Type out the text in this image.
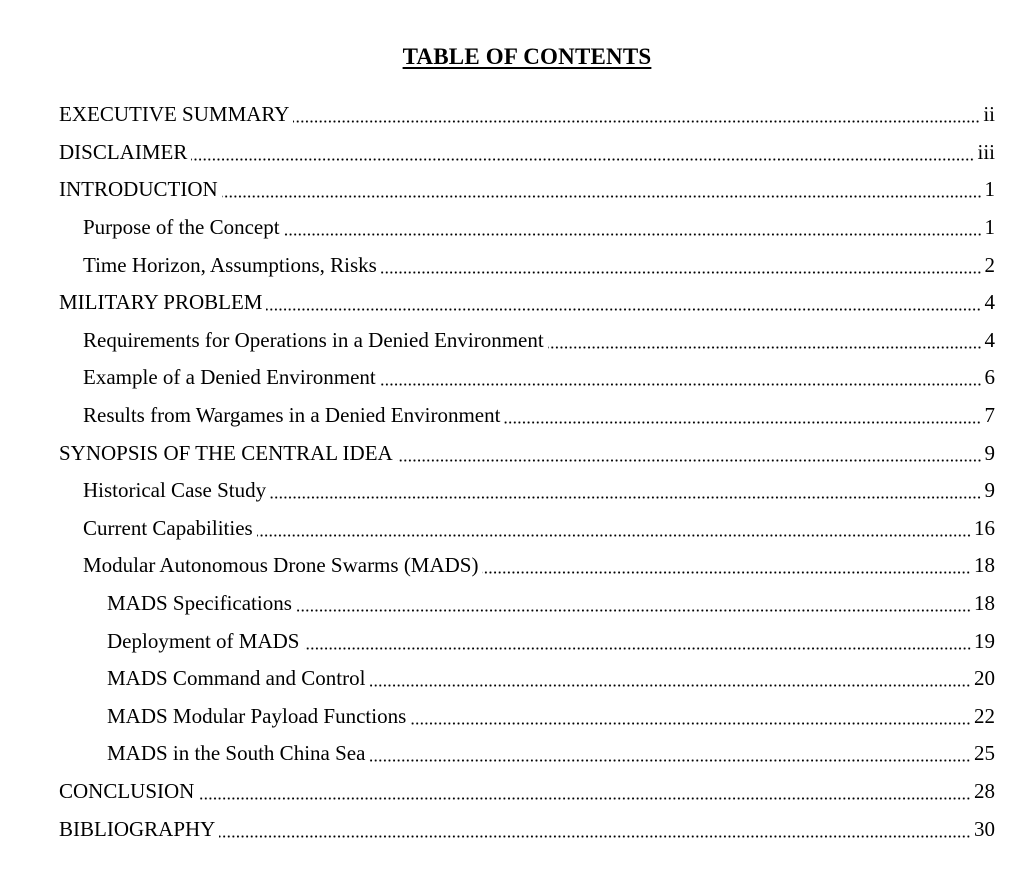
TABLE OF CONTENTS
EXECUTIVE SUMMARY	ii
DISCLAIMER	iii
INTRODUCTION	1
Purpose of the Concept	1
Time Horizon, Assumptions, Risks	2
MILITARY PROBLEM	4
Requirements for Operations in a Denied Environment	4
Example of a Denied Environment	6
Results from Wargames in a Denied Environment	7
SYNOPSIS OF THE CENTRAL IDEA	9
Historical Case Study	9
Current Capabilities	16
Modular Autonomous Drone Swarms (MADS)	18
MADS Specifications	18
Deployment of MADS	19
MADS Command and Control	20
MADS Modular Payload Functions	22
MADS in the South China Sea	25
CONCLUSION	28
BIBLIOGRAPHY	30
